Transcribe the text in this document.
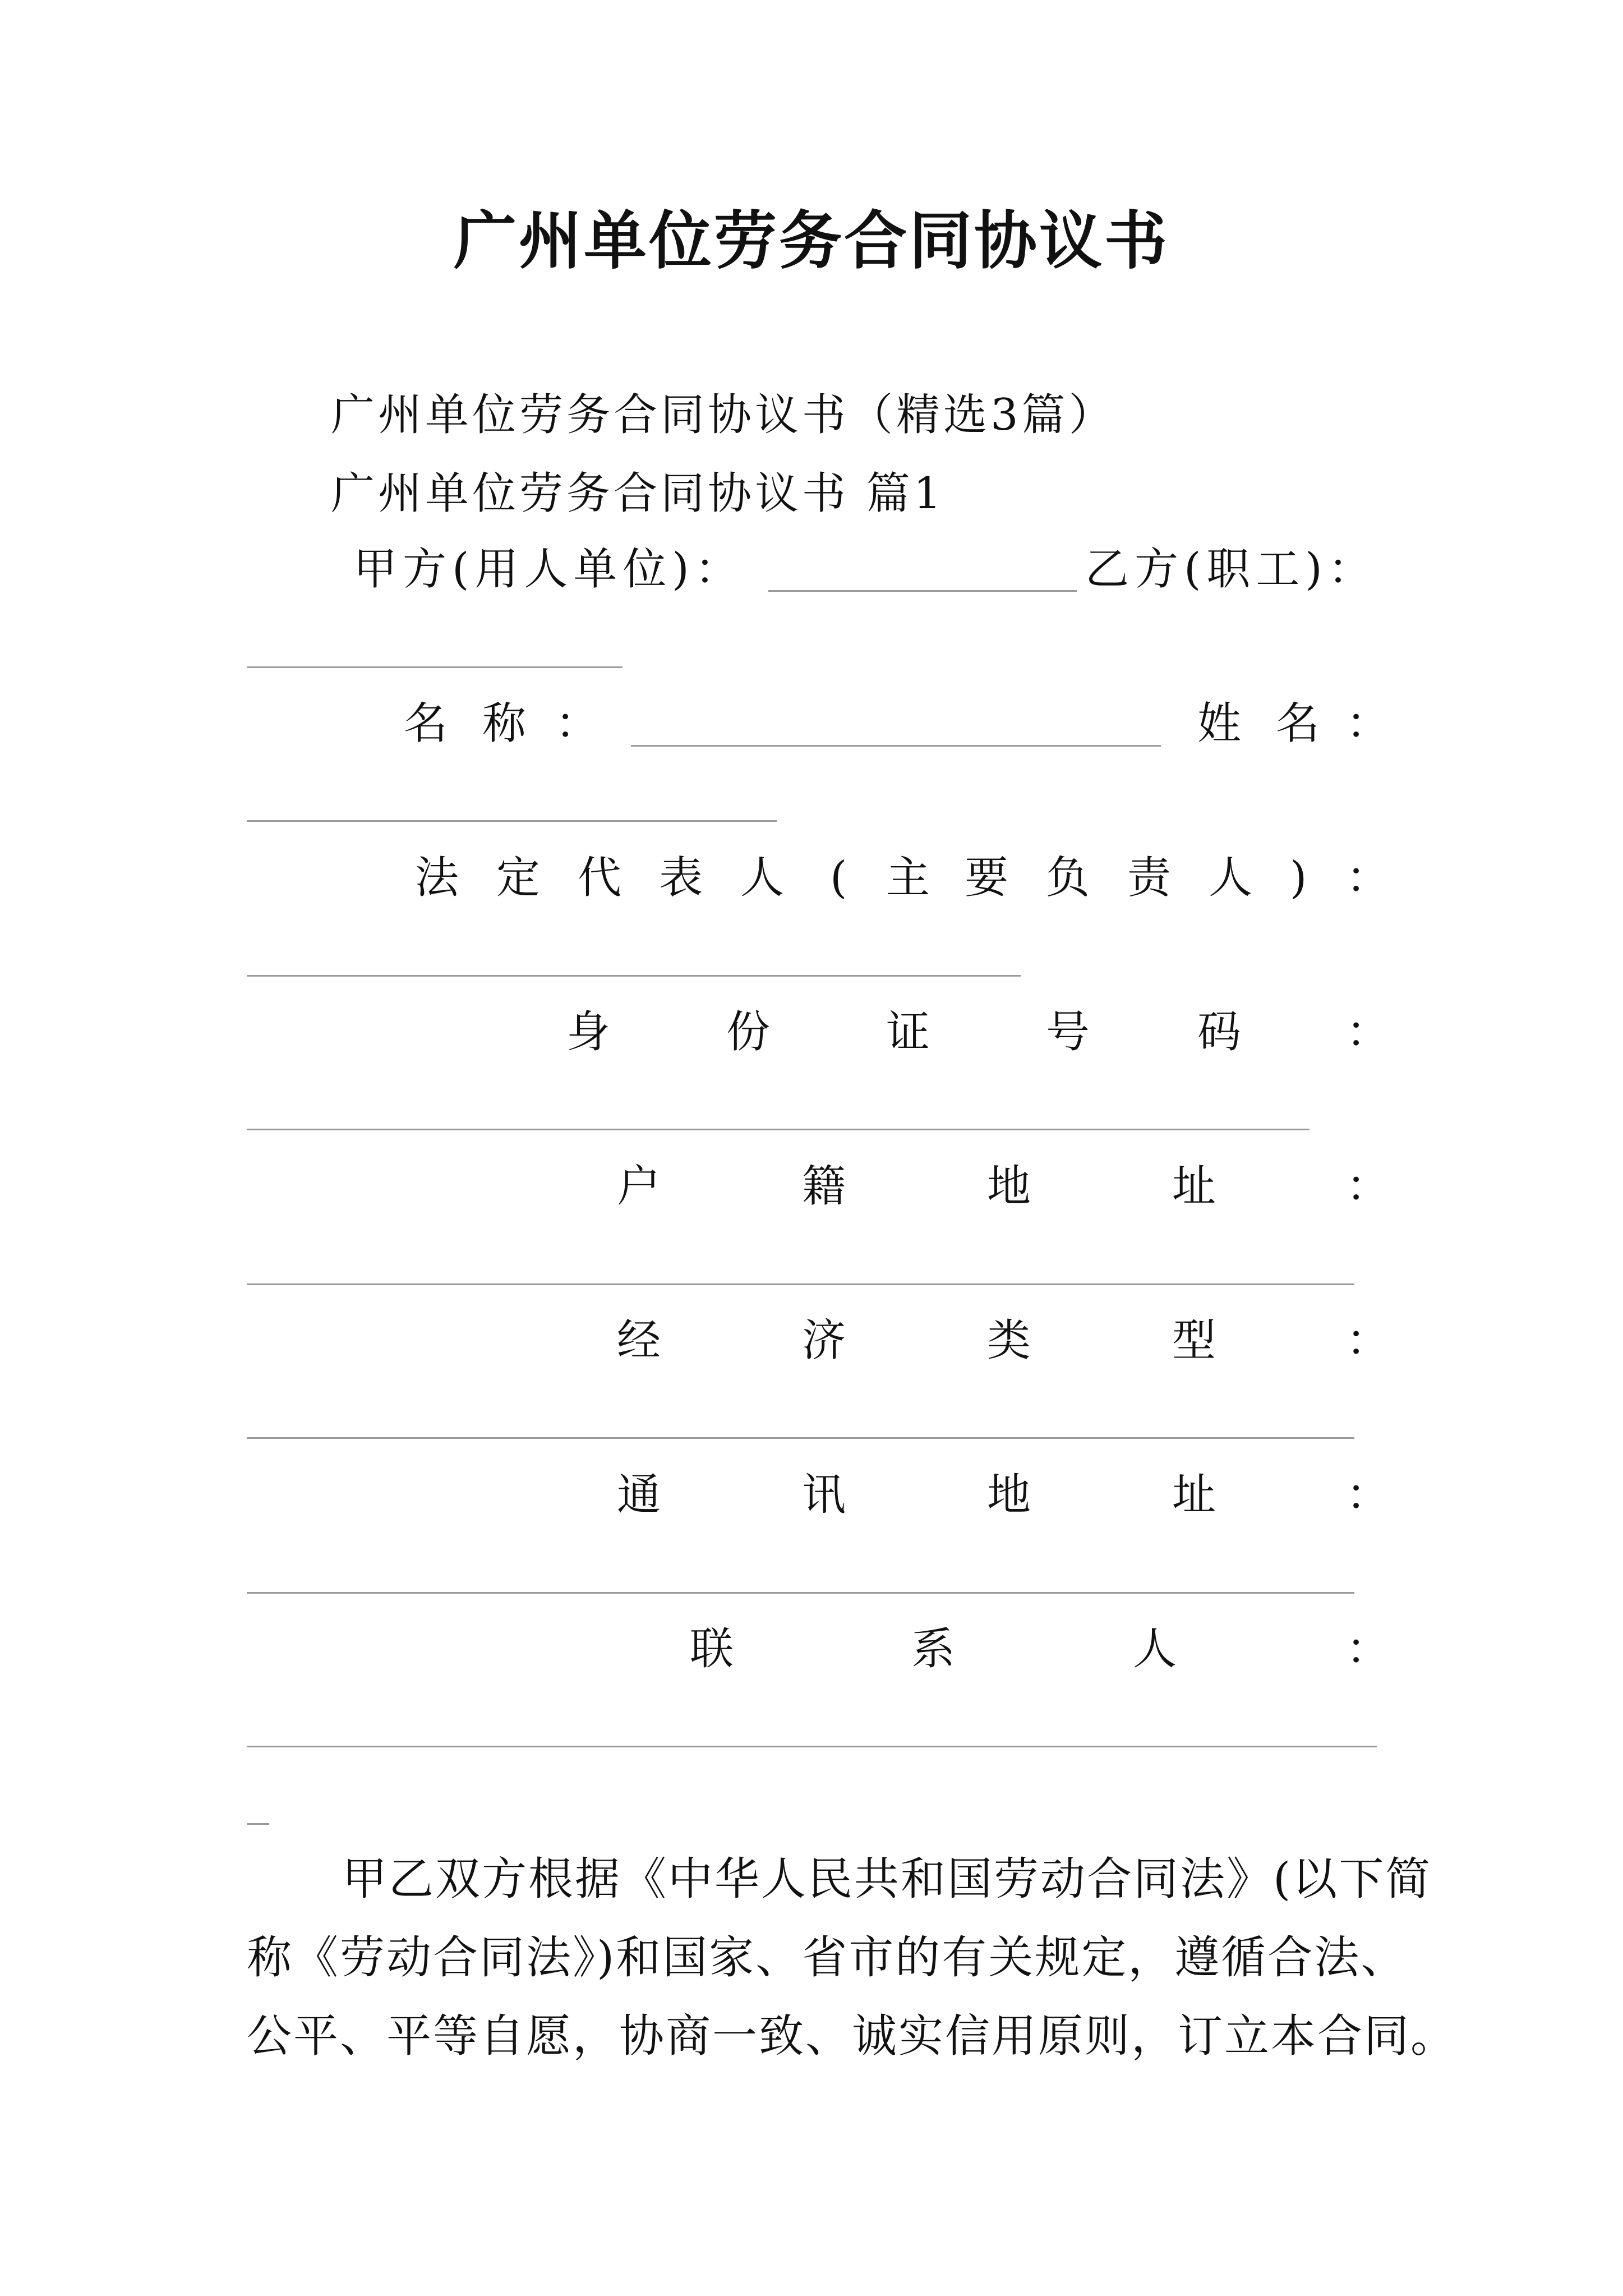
广州单位劳务合同协议书
广州单位劳务合同协议书（精选3篇）
广州单位劳务合同协议书 篇1
甲方(用人单位)：	乙方(职工)：
名 称 ：	姓 名 ：
法 定 代 表 人 ( 主 要 负 责 人 ) ：
身	份	证	号 码 ：
户	籍	地	址	：
经	济	类	型	：
通	讯	地	址	：
联	系	人	：
甲乙双方根据《中华人民共和国劳动合同法》(以下简
称《劳动合同法》)和国家、省市的有关规定，遵循合法、
公平、平等自愿，协商一致、诚实信用原则，订立本合同。
